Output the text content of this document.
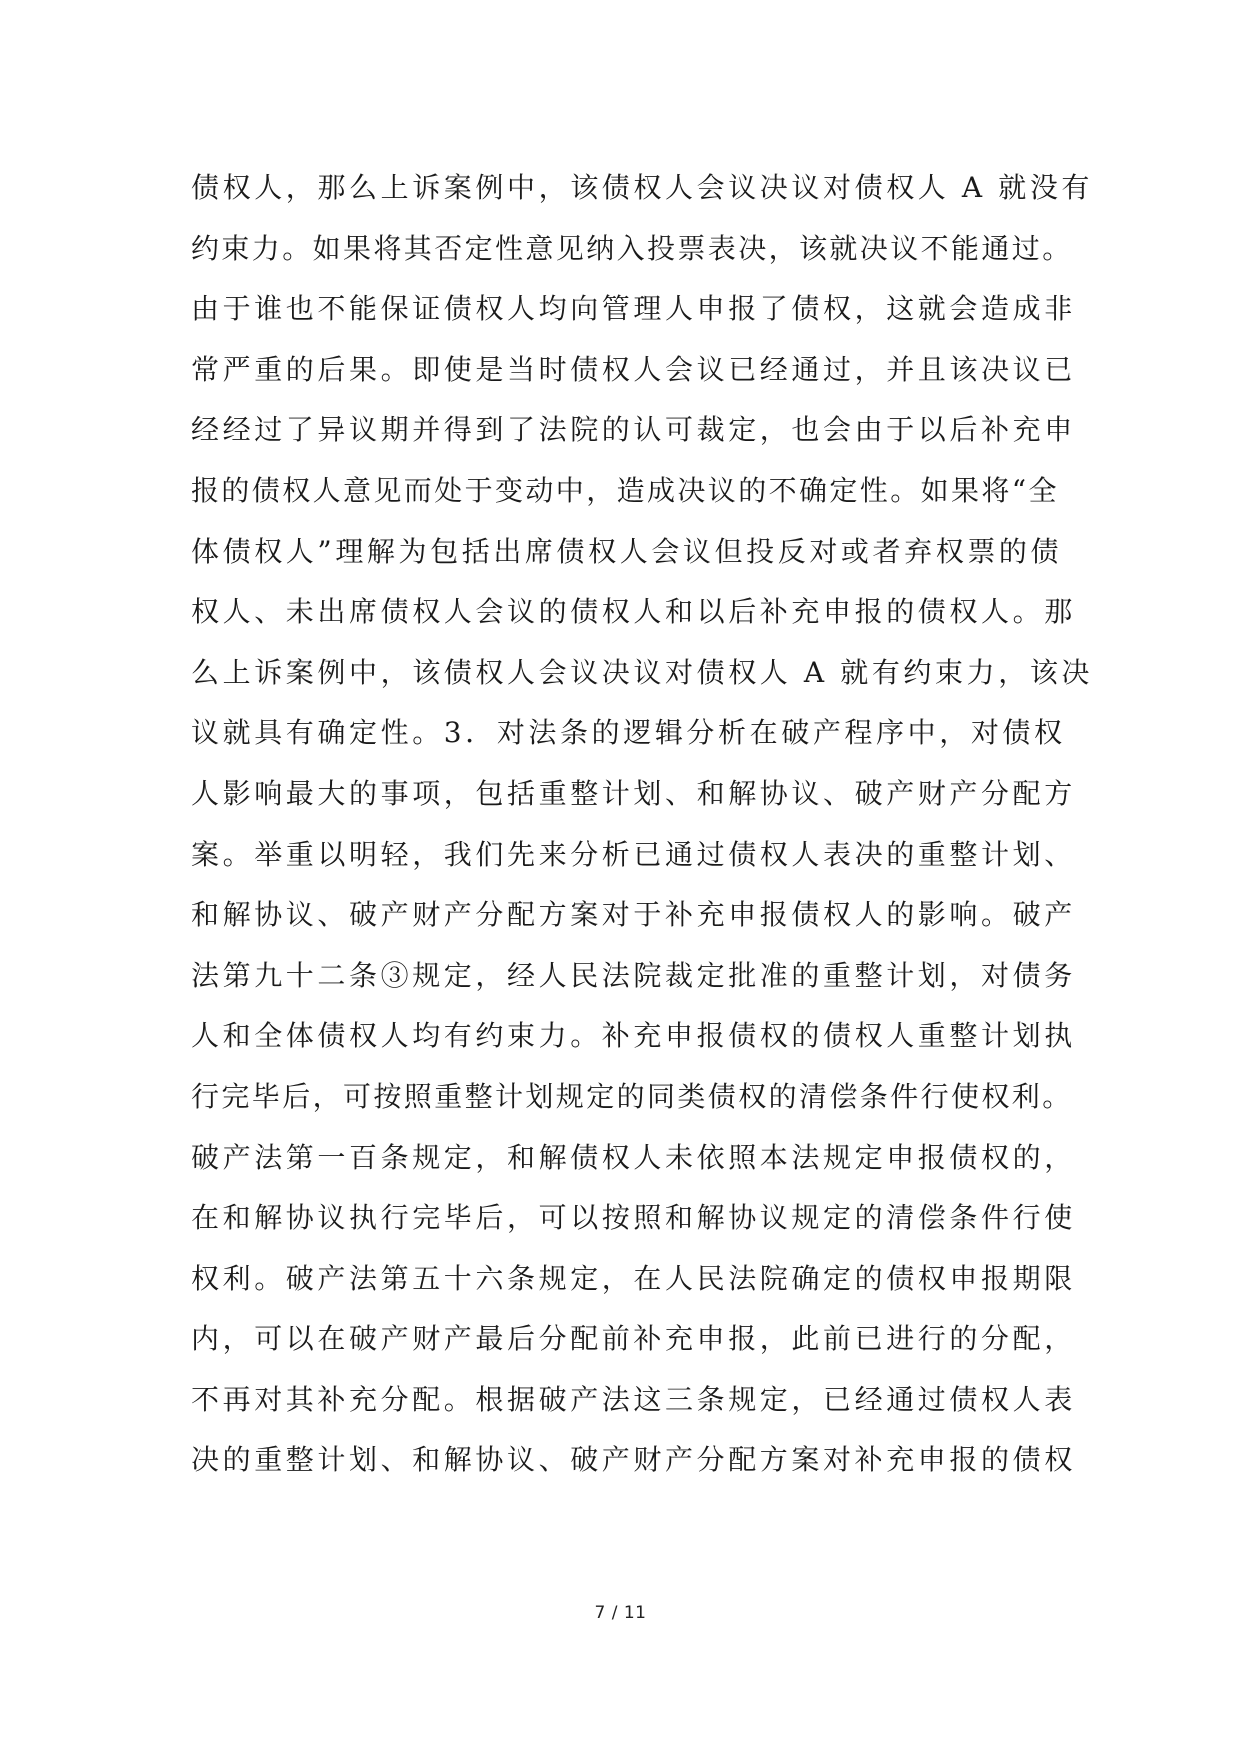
债权人，那么上诉案例中，该债权人会议决议对债权人 A 就没有
约束力。如果将其否定性意见纳入投票表决，该就决议不能通过。
由于谁也不能保证债权人均向管理人申报了债权，这就会造成非
常严重的后果。即使是当时债权人会议已经通过，并且该决议已
经经过了异议期并得到了法院的认可裁定，也会由于以后补充申
报的债权人意见而处于变动中，造成决议的不确定性。如果将“全
体债权人”理解为包括出席债权人会议但投反对或者弃权票的债
权人、未出席债权人会议的债权人和以后补充申报的债权人。那
么上诉案例中，该债权人会议决议对债权人 A 就有约束力，该决
议就具有确定性。3．对法条的逻辑分析在破产程序中，对债权
人影响最大的事项，包括重整计划、和解协议、破产财产分配方
案。举重以明轻，我们先来分析已通过债权人表决的重整计划、
和解协议、破产财产分配方案对于补充申报债权人的影响。破产
法第九十二条③规定，经人民法院裁定批准的重整计划，对债务
人和全体债权人均有约束力。补充申报债权的债权人重整计划执
行完毕后，可按照重整计划规定的同类债权的清偿条件行使权利。
破产法第一百条规定，和解债权人未依照本法规定申报债权的，
在和解协议执行完毕后，可以按照和解协议规定的清偿条件行使
权利。破产法第五十六条规定，在人民法院确定的债权申报期限
内，可以在破产财产最后分配前补充申报，此前已进行的分配，
不再对其补充分配。根据破产法这三条规定，已经通过债权人表
决的重整计划、和解协议、破产财产分配方案对补充申报的债权
7 / 11
